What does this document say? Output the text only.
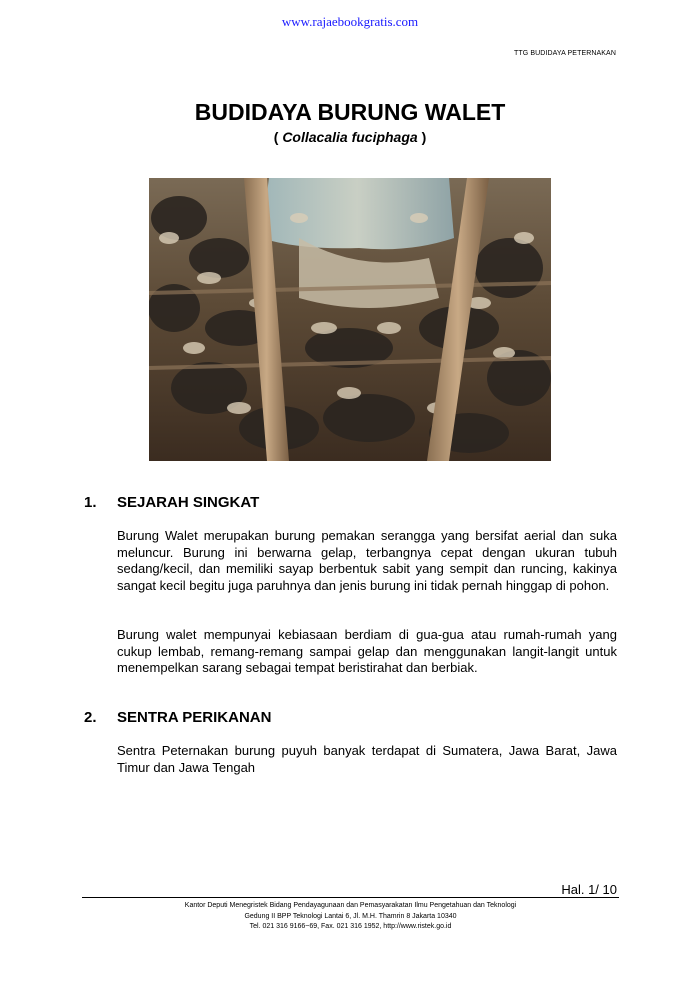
www.rajaebookgratis.com
TTG BUDIDAYA PETERNAKAN
BUDIDAYA BURUNG WALET
( Collacalia fuciphaga )
1. SEJARAH SINGKAT
Burung Walet merupakan burung pemakan serangga yang bersifat aerial dan suka meluncur. Burung ini berwarna gelap, terbangnya cepat dengan ukuran tubuh sedang/kecil, dan memiliki sayap berbentuk sabit yang sempit dan runcing, kakinya sangat kecil begitu juga paruhnya dan jenis burung ini tidak pernah hinggap di pohon.
Burung walet mempunyai kebiasaan berdiam di gua-gua atau rumah-rumah yang cukup lembab, remang-remang sampai gelap dan menggunakan langit-langit untuk menempelkan sarang sebagai tempat beristirahat dan berbiak.
2. SENTRA PERIKANAN
Sentra Peternakan burung puyuh banyak terdapat di Sumatera, Jawa Barat, Jawa Timur dan Jawa Tengah
Hal. 1/ 10
Kantor Deputi Menegristek Bidang Pendayagunaan dan Pemasyarakatan Ilmu Pengetahuan dan Teknologi
Gedung II BPP Teknologi Lantai 6, Jl. M.H. Thamrin 8 Jakarta 10340
Tel. 021 316 9166~69, Fax. 021 316 1952, http://www.ristek.go.id
